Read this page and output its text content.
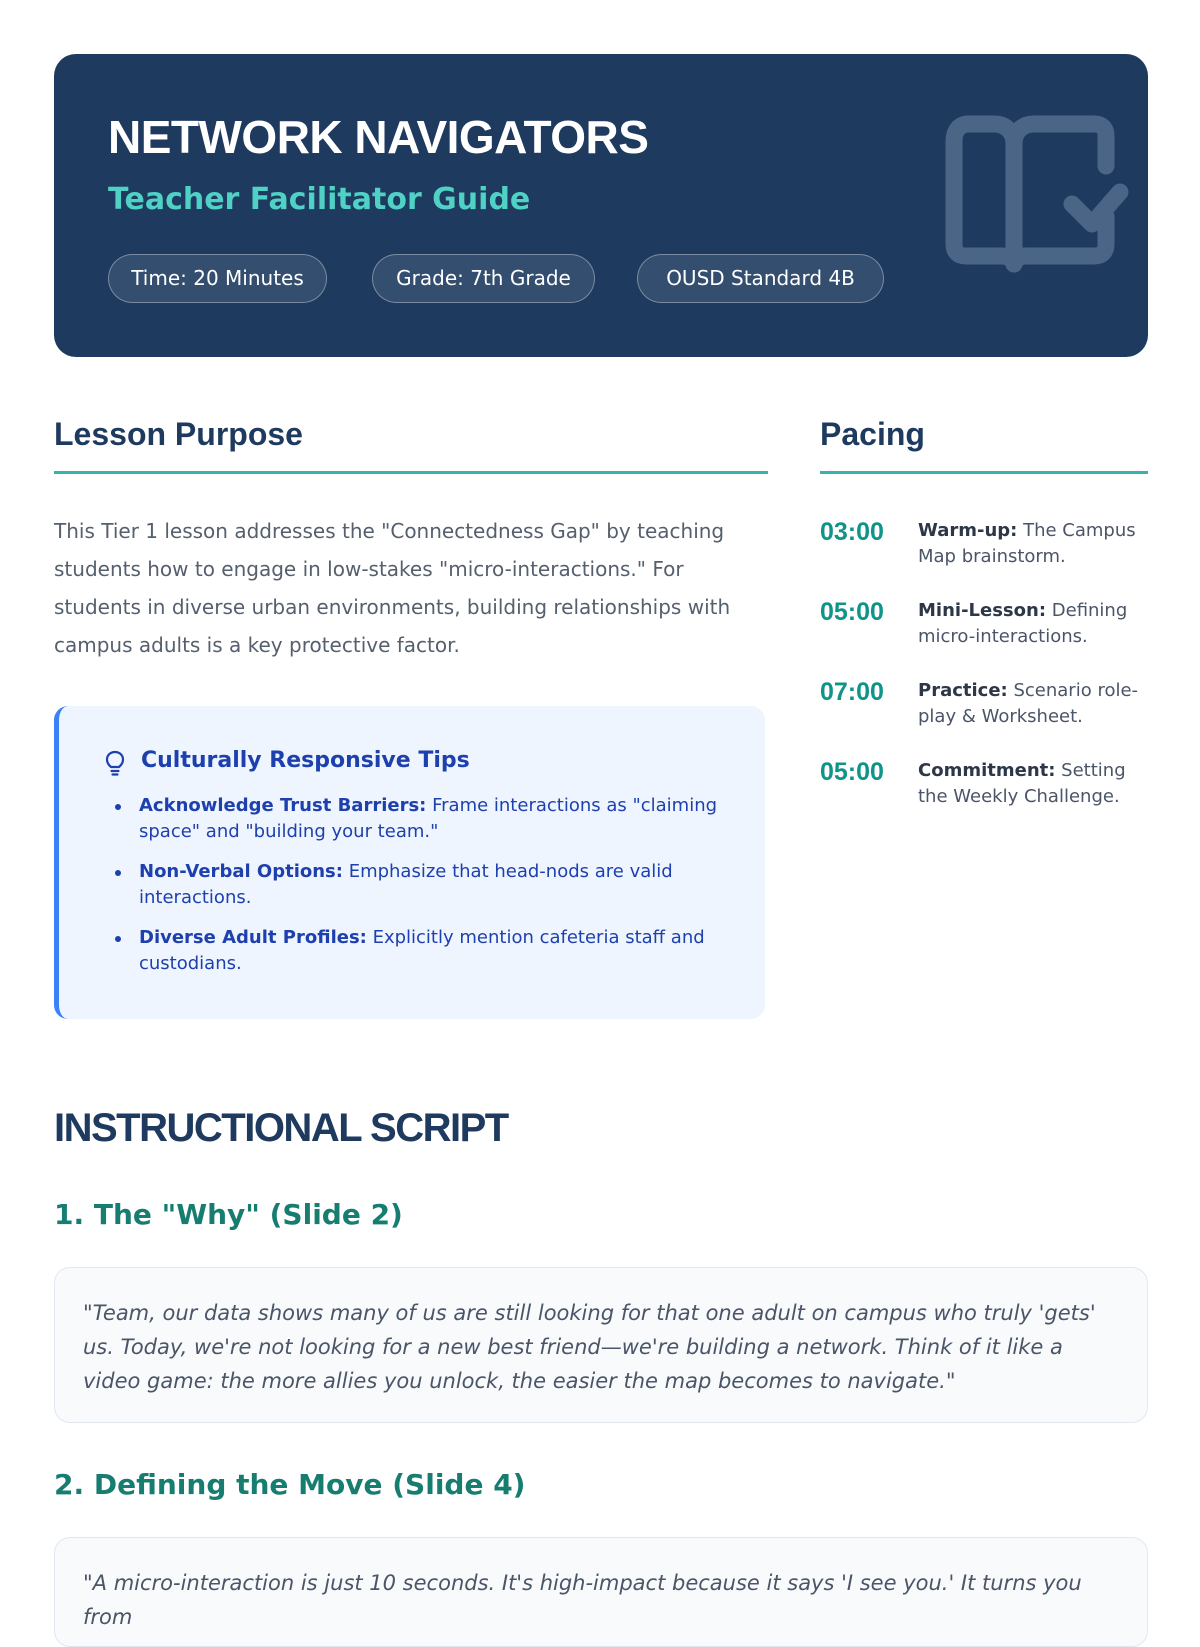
NETWORK NAVIGATORS
Teacher Facilitator Guide
Time: 20 Minutes	Grade: 7th Grade	OUSD Standard 4B
Lesson Purpose

This Tier 1 lesson addresses the "Connectedness Gap" by teaching students how to engage in low-stakes "micro-interactions." For students in diverse urban environments, building relationships with campus adults is a key protective factor.

Culturally Responsive Tips
Acknowledge Trust Barriers: Frame interactions as "claiming space" and "building your team."
Non-Verbal Options: Emphasize that head-nods are valid interactions.
Diverse Adult Profiles: Explicitly mention cafeteria staff and custodians.
Pacing
03:00 Warm-up: The Campus Map brainstorm.
05:00 Mini-Lesson: Defining micro-interactions.
07:00 Practice: Scenario role-play & Worksheet.
05:00 Commitment: Setting the Weekly Challenge.
INSTRUCTIONAL SCRIPT
1. The "Why" (Slide 2)
"Team, our data shows many of us are still looking for that one adult on campus who truly 'gets' us. Today, we're not looking for a new best friend—we're building a network. Think of it like a video game: the more allies you unlock, the easier the map becomes to navigate."
2. Defining the Move (Slide 4)
"A micro-interaction is just 10 seconds. It's high-impact because it says 'I see you.' It turns you from
